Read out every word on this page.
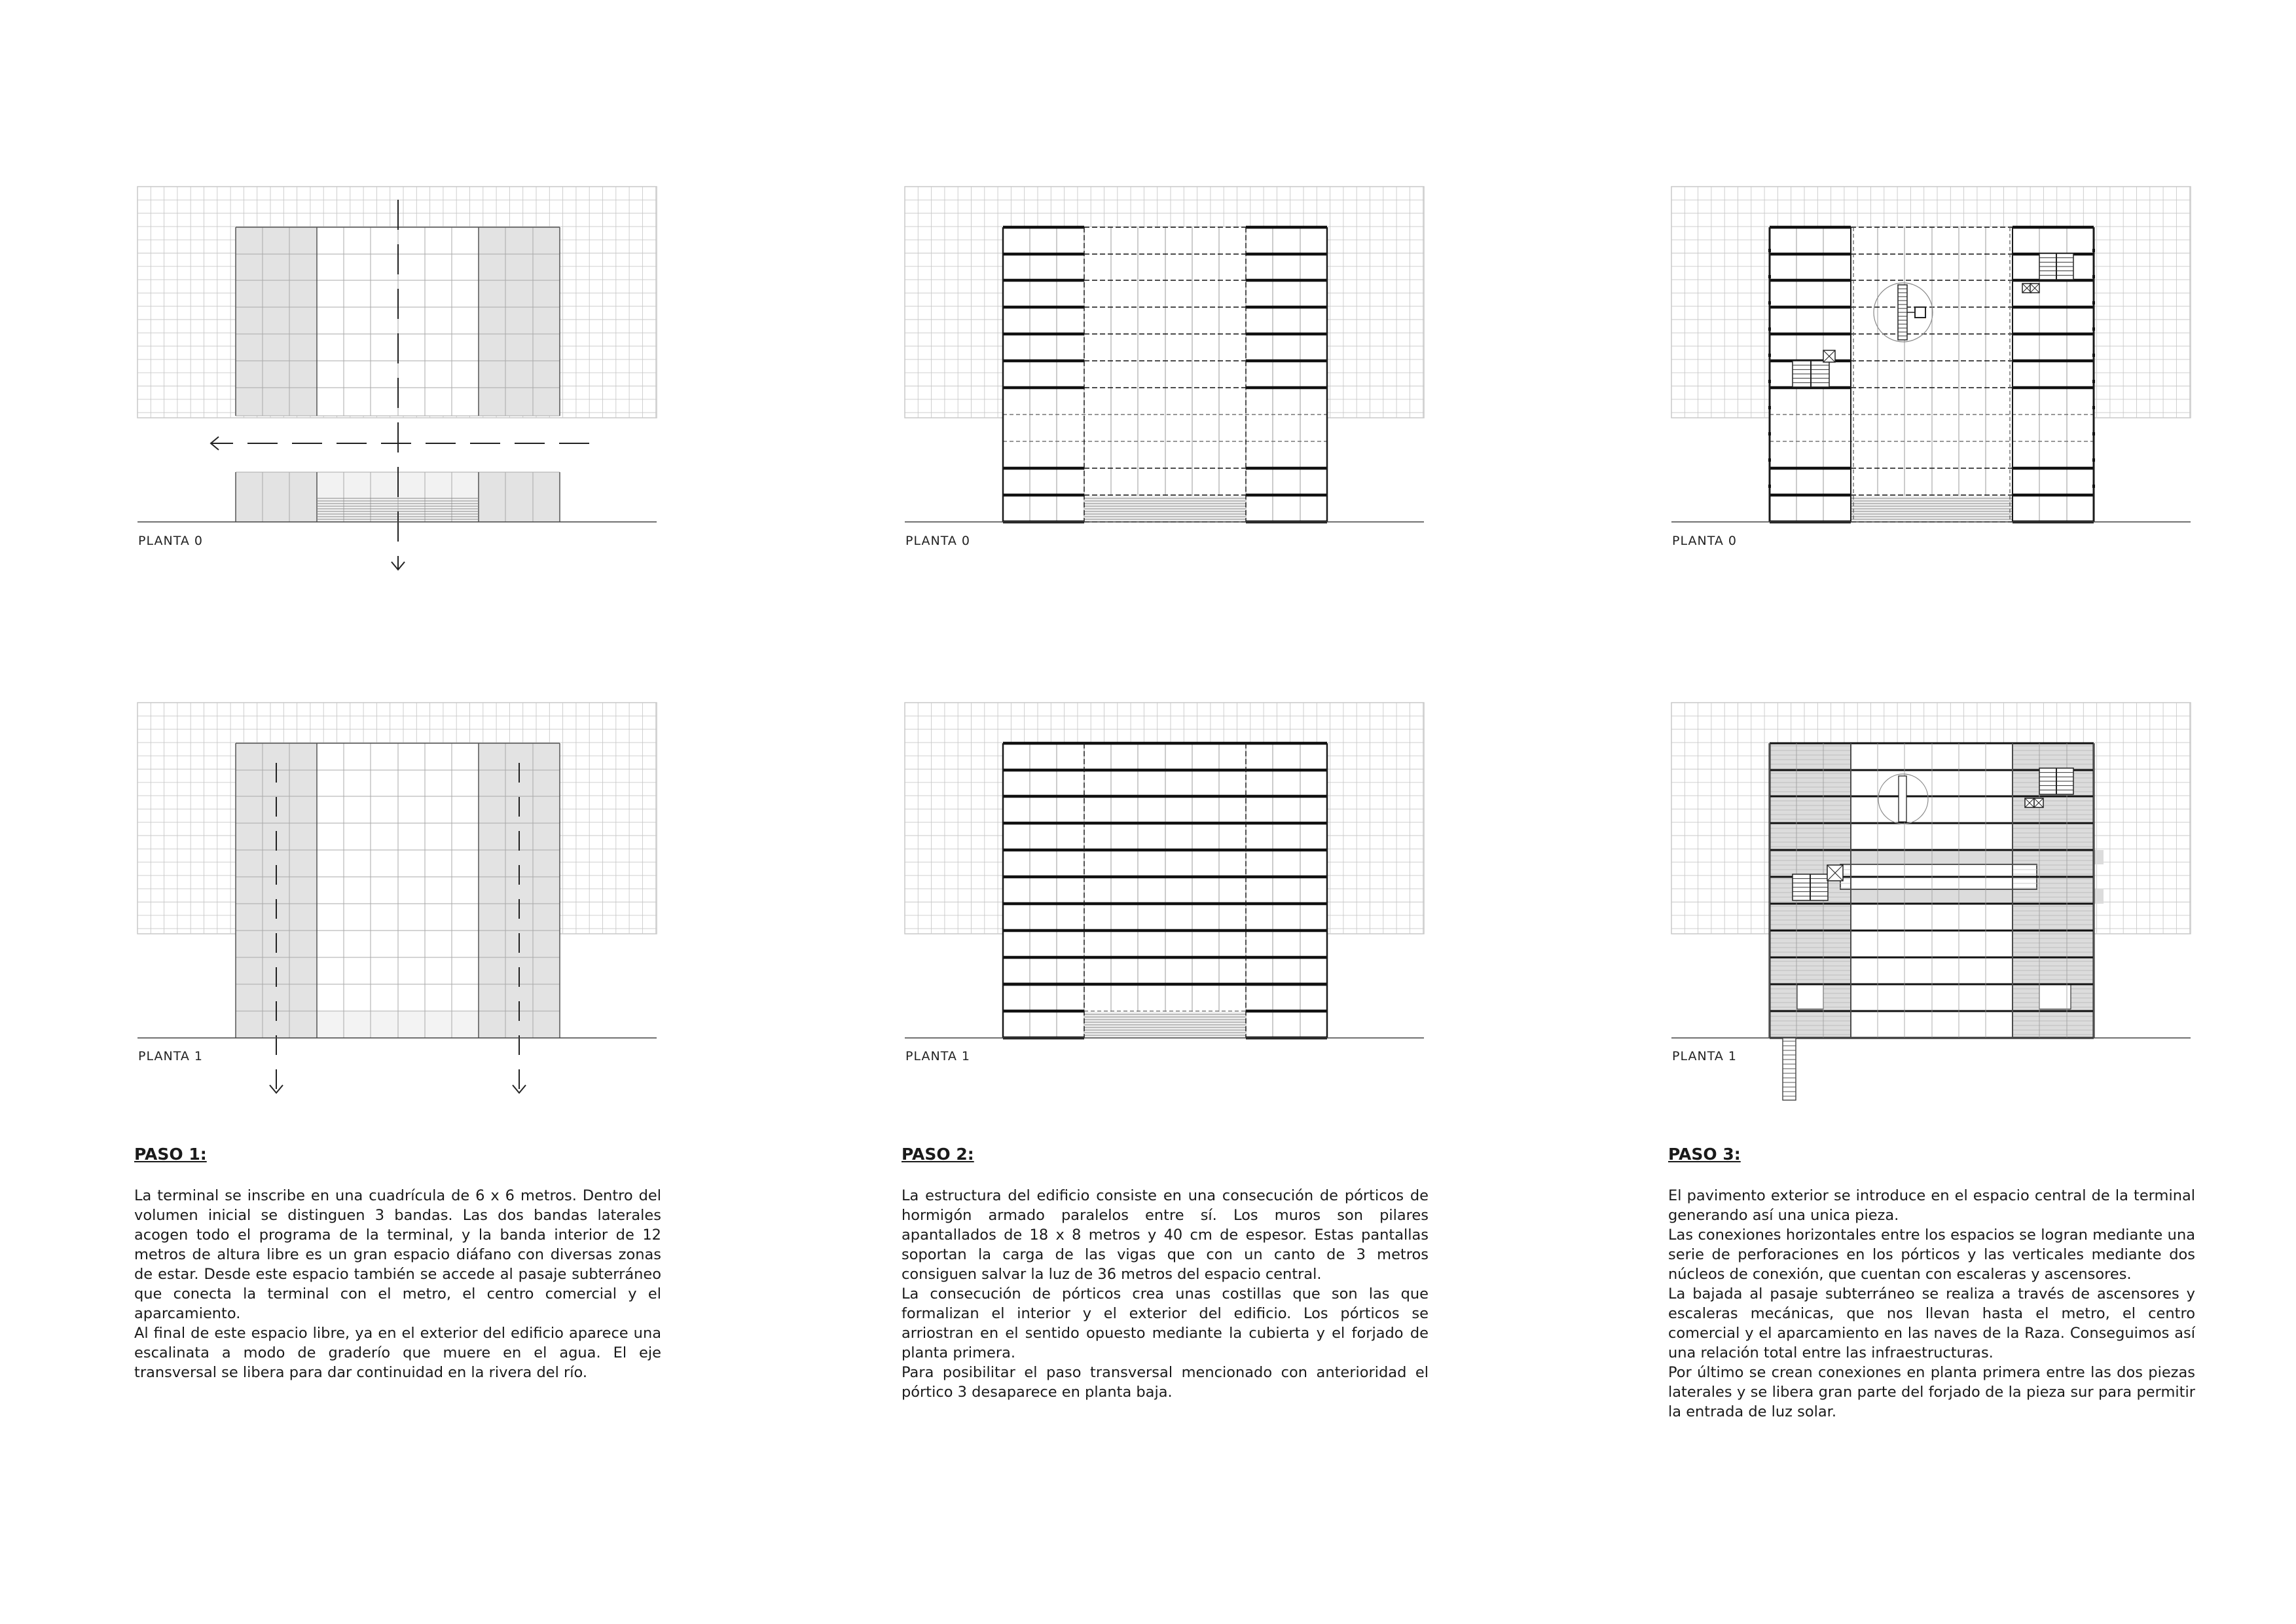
PLANTA 0	PLANTA 0	PLANTA 0
PLANTA 1	PLANTA 1	PLANTA 1
PASO 1:

La terminal se inscribe en una cuadrícula de 6 x 6 metros. Dentro del volumen inicial se distinguen 3 bandas. Las dos bandas laterales acogen todo el programa de la terminal, y la banda interior de 12 metros de altura libre es un gran espacio diáfano con diversas zonas de estar. Desde este espacio también se accede al pasaje subterráneo que conecta la terminal con el metro, el centro comercial y el aparcamiento.

Al final de este espacio libre, ya en el exterior del edificio aparece una escalinata a modo de graderío que muere en el agua. El eje transversal se libera para dar continuidad en la rivera del río.

PASO 2:

La estructura del edificio consiste en una consecución de pórticos de hormigón armado paralelos entre sí. Los muros son pilares apantallados de 18 x 8 metros y 40 cm de espesor. Estas pantallas soportan la carga de las vigas que con un canto de 3 metros consiguen salvar la luz de 36 metros del espacio central.

La consecución de pórticos crea unas costillas que son las que formalizan el interior y el exterior del edificio. Los pórticos se arriostran en el sentido opuesto mediante la cubierta y el forjado de planta primera.

Para posibilitar el paso transversal mencionado con anterioridad el pórtico 3 desaparece en planta baja.

PASO 3:

El pavimento exterior se introduce en el espacio central de la terminal generando así una unica pieza.

Las conexiones horizontales entre los espacios se logran mediante una serie de perforaciones en los pórticos y las verticales mediante dos núcleos de conexión, que cuentan con escaleras y ascensores.

La bajada al pasaje subterráneo se realiza a través de ascensores y escaleras mecánicas, que nos llevan hasta el metro, el centro comercial y el aparcamiento en las naves de la Raza. Conseguimos así una relación total entre las infraestructuras.

Por último se crean conexiones en planta primera entre las dos piezas laterales y se libera gran parte del forjado de la pieza sur para permitir la entrada de luz solar.
